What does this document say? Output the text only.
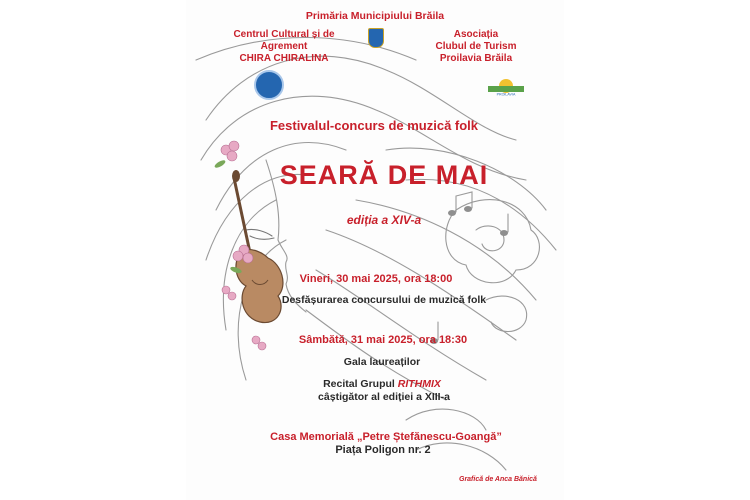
Primăria Municipiului Brăila
Centrul Cultural și de
Agrement
CHIRA CHIRALINA
Asociația
Clubul de Turism
Proilavia Brăila
PROILAVIA
Festivalul-concurs de muzică folk
SEARĂ DE MAI
ediția a XIV-a
Vineri, 30 mai 2025, ora 18:00
Desfășurarea concursului de muzică folk
Sâmbătă, 31 mai 2025, ora 18:30
Gala laureaților
Recital Grupul RITHMIX
câștigător al ediției a XIII-a
Casa Memorială „Petre Ștefănescu-Goangă”
Piața Poligon nr. 2
Grafică de Anca Bănică
